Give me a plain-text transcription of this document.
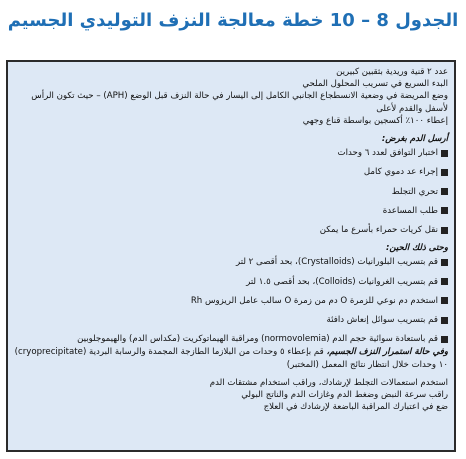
الجدول 8 – 10 خطة معالجة النزف التوليدي الجسيم
عدد ٢ قنية وريدية بثقبين كبيرين
البدء السريع في تسريب المحلول الملحي
وضع المريضة في وضعية الانسطجاع الجانبي الكامل إلى اليسار في حالة النزف قبل الوضع (APH) – حيث تكون الرأس لأسفل والقدم لأعلى
إعطاء ١٠٠٪ أكسجين بواسطة قناع وجهي
أرسل الدم بغرض:
اختبار التوافق لعدد ٦ وحدات
إجراء عد دموي كامل
تحري التجلط
طلب المساعدة
نقل كريات حمراء بأسرع ما يمكن
وحتى ذلك الحين:
قم بتسريب البلورانيات (Crystalloids)، بحد أقصى ٢ لتر
قم بتسريب الغروانيات (Colloids)، بحد أقصى ١.٥ لتر
استخدم دم نوعي للزمرة O دم من زمرة O سالب عامل الريزوس Rh
قم بتسريب سوائل إنعاش دافئة
قم باستعادة سوائية حجم الدم (normovolemia) ومراقبة الهيماتوكريت (مكداس الدم) والهيموجلوبين
وفي حالة استمرار النزف الجسيم، قم بإعطاء ٥ وحدات من البلازما الطازجة المجمدة والرسابة البردية (cryoprecipitate) ١٠ وحدات خلال انتظار نتائج المعمل (المختبر)
استخدم استعمالات التجلط لإرشادك، وراقب استخدام مشتقات الدم
راقب سرعة النبض وضغط الدم وغازات الدم والناتج البولي
ضع في اعتبارك المراقبة الباضعة لإرشادك في العلاج
